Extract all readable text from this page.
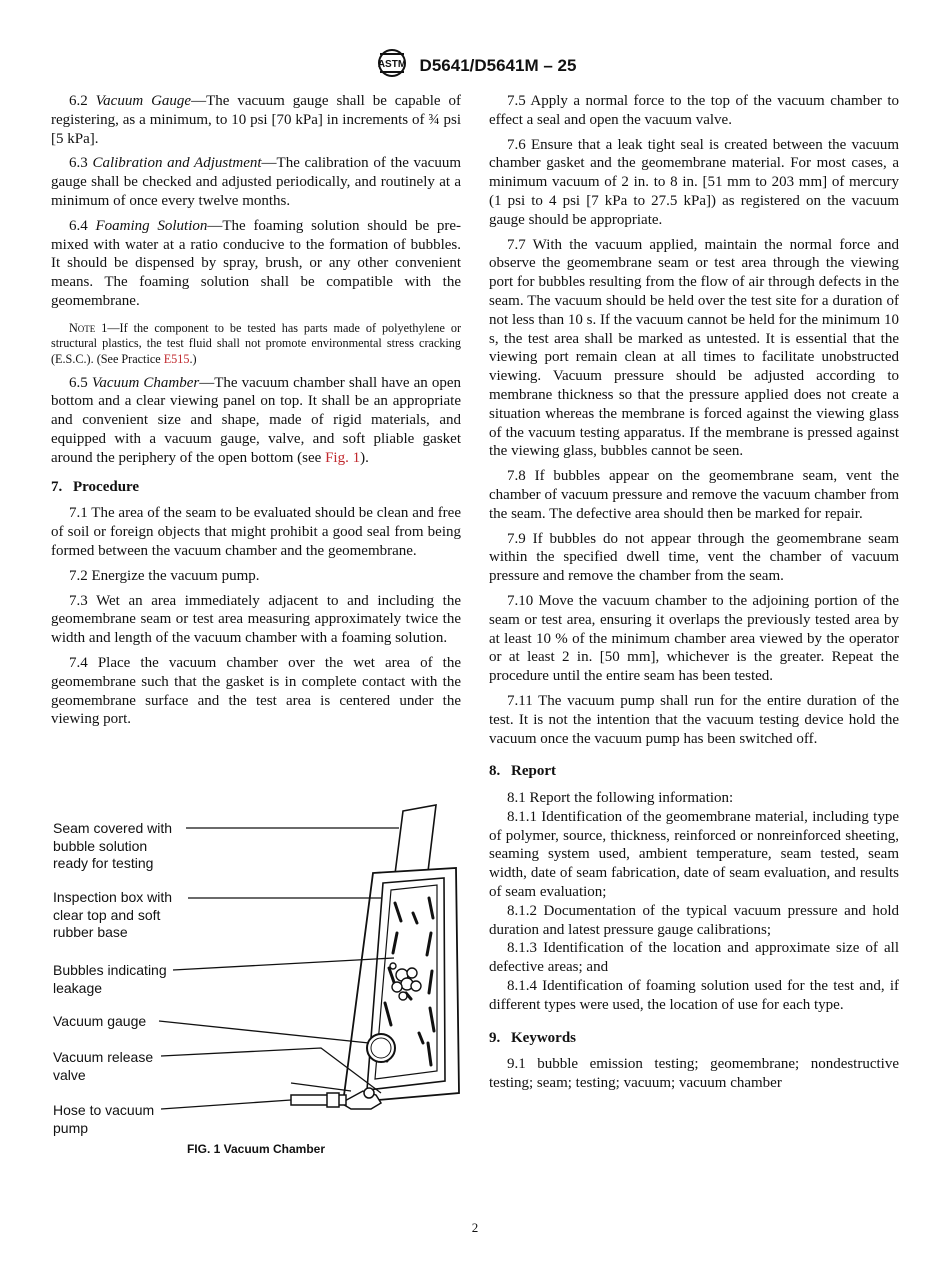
ASTM D5641/D5641M – 25

6.2 Vacuum Gauge—The vacuum gauge shall be capable of registering, as a minimum, to 10 psi [70 kPa] in increments of ¾ psi [5 kPa].

6.3 Calibration and Adjustment—The calibration of the vacuum gauge shall be checked and adjusted periodically, and routinely at a minimum of once every twelve months.

6.4 Foaming Solution—The foaming solution should be pre-mixed with water at a ratio conducive to the formation of bubbles. It should be dispensed by spray, brush, or any other convenient means. The foaming solution shall be compatible with the geomembrane.

Note 1—If the component to be tested has parts made of polyethylene or structural plastics, the test fluid shall not promote environmental stress cracking (E.S.C.). (See Practice E515.)

6.5 Vacuum Chamber—The vacuum chamber shall have an open bottom and a clear viewing panel on top. It shall be an appropriate and convenient size and shape, made of rigid materials, and equipped with a vacuum gauge, valve, and soft pliable gasket around the periphery of the open bottom (see Fig. 1).

7. Procedure

7.1 The area of the seam to be evaluated should be clean and free of soil or foreign objects that might prohibit a good seal from being formed between the vacuum chamber and the geomembrane.

7.2 Energize the vacuum pump.

7.3 Wet an area immediately adjacent to and including the geomembrane seam or test area measuring approximately twice the width and length of the vacuum chamber with a foaming solution.

7.4 Place the vacuum chamber over the wet area of the geomembrane such that the gasket is in complete contact with the geomembrane surface and the test area is centered under the viewing port.

Seam covered with bubble solution ready for testing
Inspection box with clear top and soft rubber base
Bubbles indicating leakage
Vacuum gauge
Vacuum release valve
Hose to vacuum pump
FIG. 1 Vacuum Chamber

7.5 Apply a normal force to the top of the vacuum chamber to effect a seal and open the vacuum valve.

7.6 Ensure that a leak tight seal is created between the vacuum chamber gasket and the geomembrane material. For most cases, a minimum vacuum of 2 in. to 8 in. [51 mm to 203 mm] of mercury (1 psi to 4 psi [7 kPa to 27.5 kPa]) as registered on the vacuum gauge should be appropriate.

7.7 With the vacuum applied, maintain the normal force and observe the geomembrane seam or test area through the viewing port for bubbles resulting from the flow of air through defects in the seam. The vacuum should be held over the test site for a duration of not less than 10 s. If the vacuum cannot be held for the minimum 10 s, the test area shall be marked as untested. It is essential that the viewing port remain clean at all times to facilitate unobstructed viewing. Vacuum pressure should be adjusted according to membrane thickness so that the pressure applied does not create a situation whereas the membrane is forced against the viewing glass of the vacuum testing apparatus. If the membrane is pressed against the viewing glass, bubbles cannot be seen.

7.8 If bubbles appear on the geomembrane seam, vent the chamber of vacuum pressure and remove the vacuum chamber from the seam. The defective area should then be marked for repair.

7.9 If bubbles do not appear through the geomembrane seam within the specified dwell time, vent the chamber of vacuum pressure and remove the chamber from the seam.

7.10 Move the vacuum chamber to the adjoining portion of the seam or test area, ensuring it overlaps the previously tested area by at least 10 % of the minimum chamber area viewed by the operator or at least 2 in. [50 mm], whichever is the greater. Repeat the procedure until the entire seam has been tested.

7.11 The vacuum pump shall run for the entire duration of the test. It is not the intention that the vacuum testing device hold the vacuum once the vacuum pump has been switched off.

8. Report

8.1 Report the following information:

8.1.1 Identification of the geomembrane material, including type of polymer, source, thickness, reinforced or nonreinforced sheeting, seaming system used, ambient temperature, seam tested, seam width, date of seam fabrication, date of seam evaluation, and results of seam evaluation;

8.1.2 Documentation of the typical vacuum pressure and hold duration and latest pressure gauge calibrations;

8.1.3 Identification of the location and approximate size of all defective areas; and

8.1.4 Identification of foaming solution used for the test and, if different types were used, the location of use for each type.

9. Keywords

9.1 bubble emission testing; geomembrane; nondestructive testing; seam; testing; vacuum; vacuum chamber

2
